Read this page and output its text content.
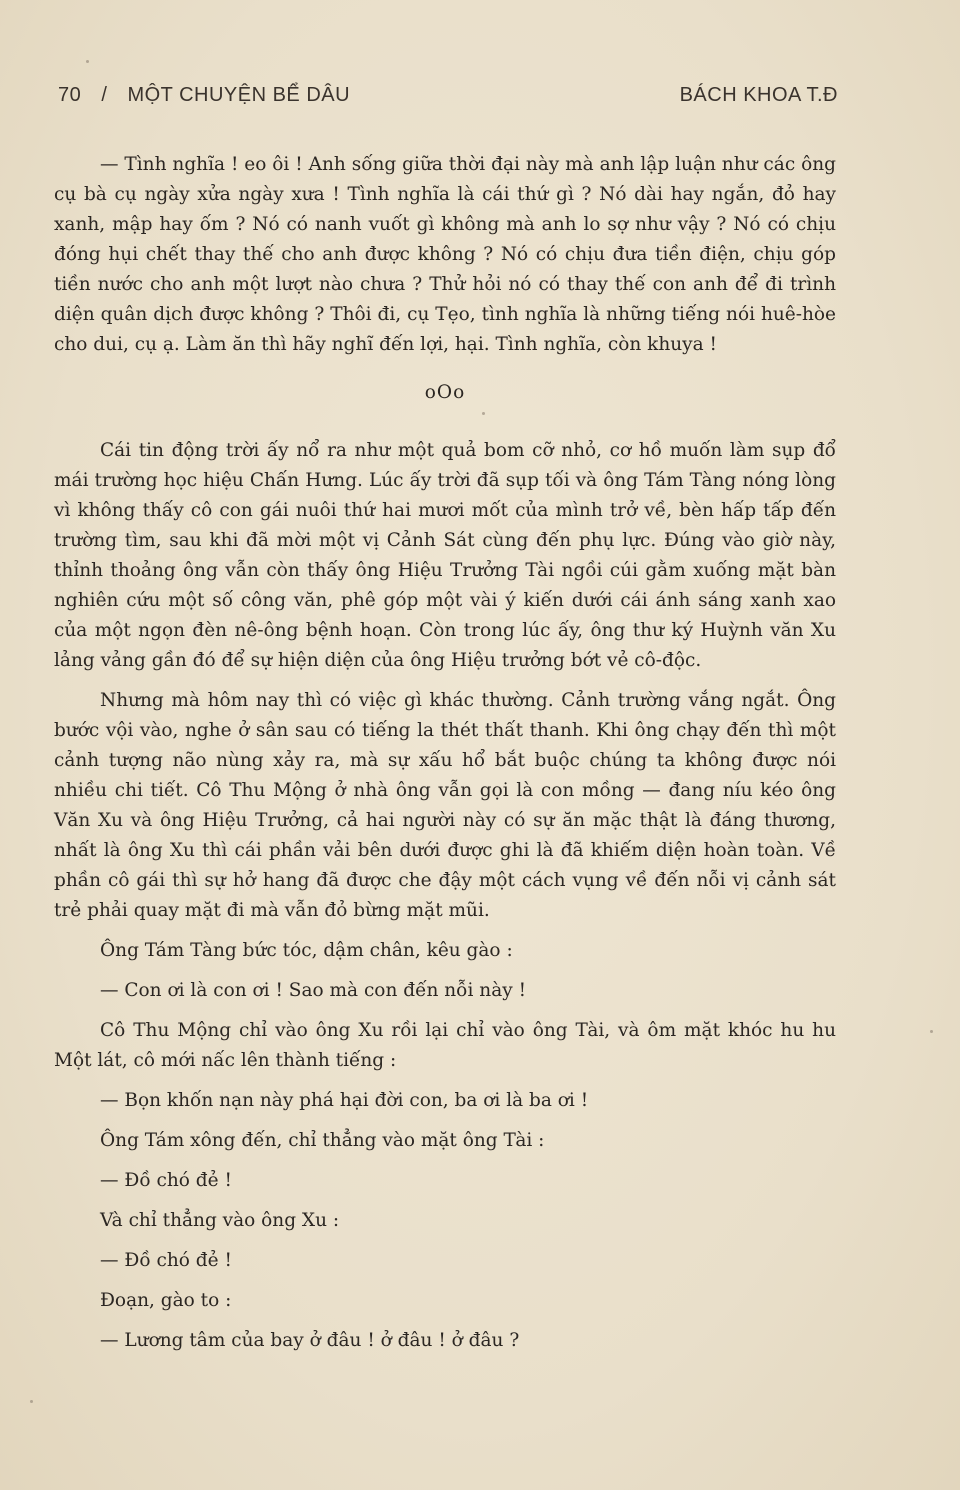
70 / MỘT CHUYỆN BỂ DÂU	BÁCH KHOA T.Đ

— Tình nghĩa ! eo ôi ! Anh sống giữa thời đại này mà anh lập luận như các ông cụ bà cụ ngày xửa ngày xưa ! Tình nghĩa là cái thứ gì ? Nó dài hay ngắn, đỏ hay xanh, mập hay ốm ? Nó có nanh vuốt gì không mà anh lo sợ như vậy ? Nó có chịu đóng hụi chết thay thế cho anh được không ? Nó có chịu đưa tiền điện, chịu góp tiền nước cho anh một lượt nào chưa ? Thử hỏi nó có thay thế con anh để đi trình diện quân dịch được không ? Thôi đi, cụ Tẹo, tình nghĩa là những tiếng nói huê-hòe cho dui, cụ ạ. Làm ăn thì hãy nghĩ đến lợi, hại. Tình nghĩa, còn khuya !

oOo

Cái tin động trời ấy nổ ra như một quả bom cỡ nhỏ, cơ hồ muốn làm sụp đổ mái trường học hiệu Chấn Hưng. Lúc ấy trời đã sụp tối và ông Tám Tàng nóng lòng vì không thấy cô con gái nuôi thứ hai mươi mốt của mình trở về, bèn hấp tấp đến trường tìm, sau khi đã mời một vị Cảnh Sát cùng đến phụ lực. Đúng vào giờ này, thỉnh thoảng ông vẫn còn thấy ông Hiệu Trưởng Tài ngồi cúi gằm xuống mặt bàn nghiên cứu một số công văn, phê góp một vài ý kiến dưới cái ánh sáng xanh xao của một ngọn đèn nê-ông bệnh hoạn. Còn trong lúc ấy, ông thư ký Huỳnh văn Xu lảng vảng gần đó để sự hiện diện của ông Hiệu trưởng bớt vẻ cô-độc.

Nhưng mà hôm nay thì có việc gì khác thường. Cảnh trường vắng ngắt. Ông bước vội vào, nghe ở sân sau có tiếng la thét thất thanh. Khi ông chạy đến thì một cảnh tượng não nùng xảy ra, mà sự xấu hổ bắt buộc chúng ta không được nói nhiều chi tiết. Cô Thu Mộng ở nhà ông vẫn gọi là con mồng — đang níu kéo ông Văn Xu và ông Hiệu Trưởng, cả hai người này có sự ăn mặc thật là đáng thương, nhất là ông Xu thì cái phần vải bên dưới được ghi là đã khiếm diện hoàn toàn. Về phần cô gái thì sự hở hang đã được che đậy một cách vụng về đến nỗi vị cảnh sát trẻ phải quay mặt đi mà vẫn đỏ bừng mặt mũi.

Ông Tám Tàng bức tóc, dậm chân, kêu gào :

— Con ơi là con ơi ! Sao mà con đến nỗi này !

Cô Thu Mộng chỉ vào ông Xu rồi lại chỉ vào ông Tài, và ôm mặt khóc hu hu Một lát, cô mới nấc lên thành tiếng :

— Bọn khốn nạn này phá hại đời con, ba ơi là ba ơi !

Ông Tám xông đến, chỉ thẳng vào mặt ông Tài :

— Đồ chó đẻ !

Và chỉ thẳng vào ông Xu :

— Đồ chó đẻ !

Đoạn, gào to :

— Lương tâm của bay ở đâu ! ở đâu ! ở đâu ?
